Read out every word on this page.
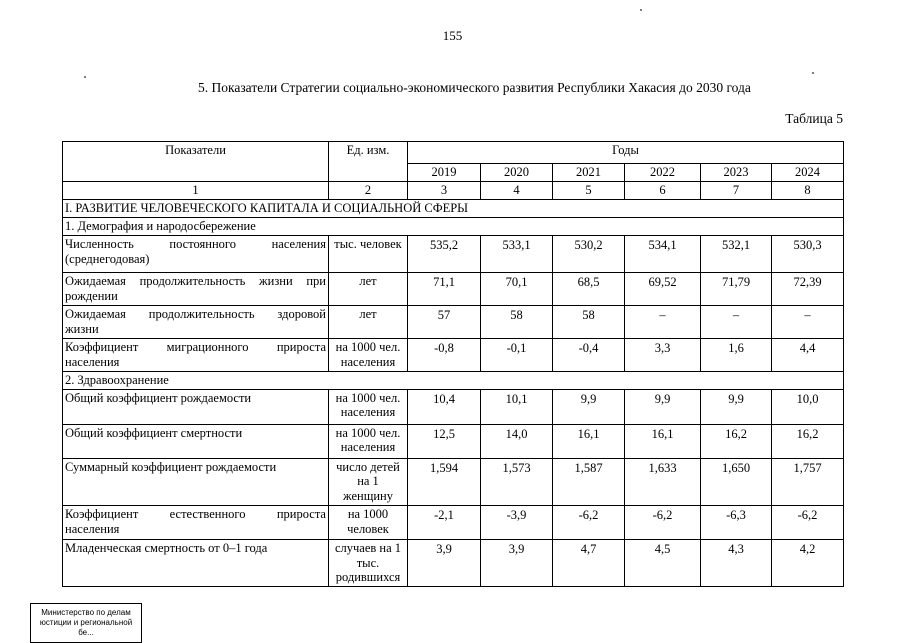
155
5. Показатели Стратегии социально-экономического развития Республики Хакасия до 2030 года
Таблица 5
Показатели	Ед. изм.	Годы					
		2019	2020	2021	2022	2023	2024
1	2	3	4	5	6	7	8
I. РАЗВИТИЕ ЧЕЛОВЕЧЕСКОГО КАПИТАЛА И СОЦИАЛЬНОЙ СФЕРЫ							
1. Демография и народосбережение							

Численность постоянного населения
(среднегодовая)	тыс. человек	535,2	533,1	530,2	534,1	532,1	530,3

Ожидаемая продолжительность жизни при
рождении	лет	71,1	70,1	68,5	69,52	71,79	72,39

Ожидаемая продолжительность здоровой
жизни	лет	57	58	58	–	–	–

Коэффициент миграционного прироста
населения	на 1000 чел. населения	-0,8	-0,1	-0,4	3,3	1,6	4,4
2. Здравоохранение							

Общий коэффициент рождаемости	на 1000 чел. населения	10,4	10,1	9,9	9,9	9,9	10,0

Общий коэффициент смертности	на 1000 чел. населения	12,5	14,0	16,1	16,1	16,2	16,2

Суммарный коэффициент рождаемости	число детей на 1 женщину	1,594	1,573	1,587	1,633	1,650	1,757

Коэффициент естественного прироста
населения	на 1000 человек	-2,1	-3,9	-6,2	-6,2	-6,3	-6,2

Младенческая смертность от 0–1 года	случаев на 1 тыс. родившихся	3,9	3,9	4,7	4,5	4,3	4,2
Министерство по делам
юстиции и региональной
бе...
